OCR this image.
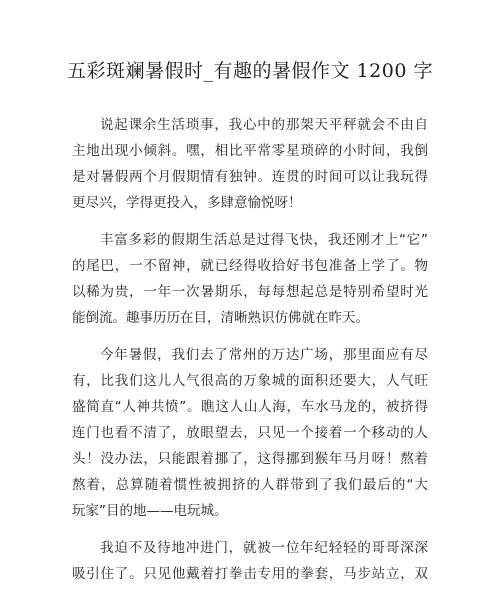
五彩斑斓暑假时_有趣的暑假作文 1200 字
说起课余生活琐事，我心中的那架天平秤就会不由自
主地出现小倾斜。嘿，相比平常零星琐碎的小时间，我倒
是对暑假两个月假期情有独钟。连贯的时间可以让我玩得
更尽兴，学得更投入，多肆意愉悦呀！
丰富多彩的假期生活总是过得飞快，我还刚才上“它”
的尾巴，一不留神，就已经得收拾好书包准备上学了。物
以稀为贵，一年一次暑期乐，每每想起总是特别希望时光
能倒流。趣事历历在目，清晰熟识仿佛就在昨天。
今年暑假，我们去了常州的万达广场，那里面应有尽
有，比我们这儿人气很高的万象城的面积还要大，人气旺
盛简直“人神共愤”。瞧这人山人海，车水马龙的，被挤得
连门也看不清了，放眼望去，只见一个接着一个移动的人
头！没办法，只能跟着挪了，这得挪到猴年马月呀！熬着
熬着，总算随着惯性被拥挤的人群带到了我们最后的“大
玩家”目的地——电玩城。
我迫不及待地冲进门，就被一位年纪轻轻的哥哥深深
吸引住了。只见他戴着打拳击专用的拳套，马步站立，双
